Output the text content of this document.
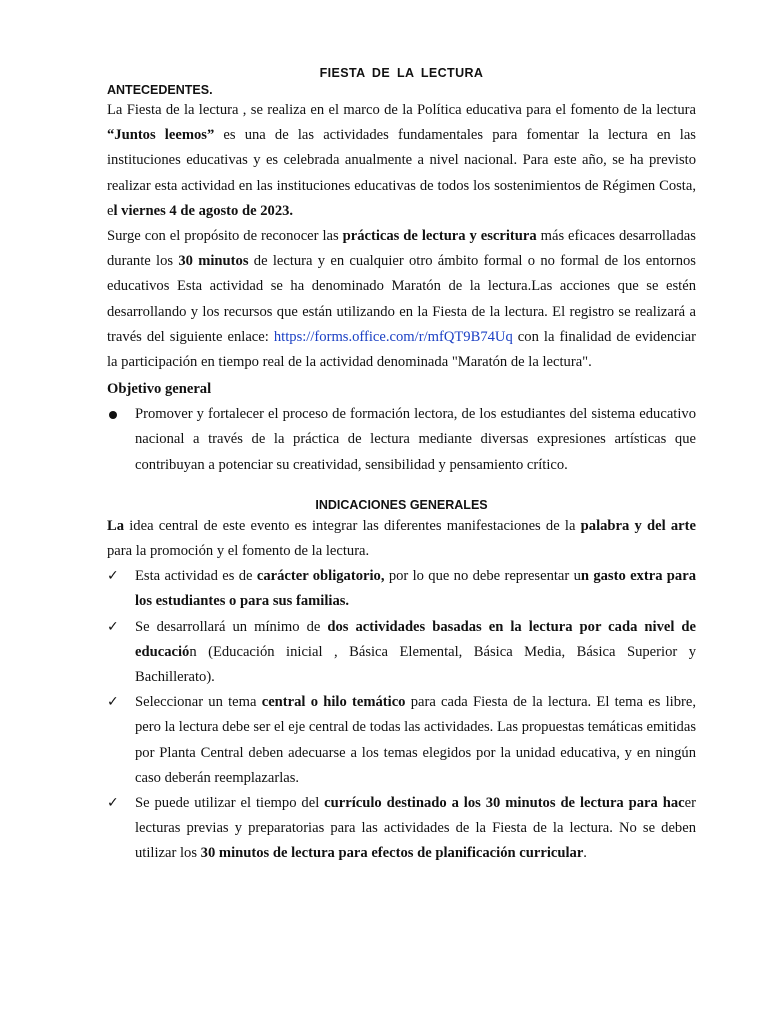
FIESTA DE LA LECTURA
ANTECEDENTES.

La Fiesta de la lectura , se realiza en el marco de la Política educativa para el fomento de la lectura “Juntos leemos” es una de las actividades fundamentales para fomentar la lectura en las instituciones educativas y es celebrada anualmente a nivel nacional. Para este año, se ha previsto realizar esta actividad en las instituciones educativas de todos los sostenimientos de Régimen Costa, el viernes 4 de agosto de 2023.

Surge con el propósito de reconocer las prácticas de lectura y escritura más eficaces desarrolladas durante los 30 minutos de lectura y en cualquier otro ámbito formal o no formal de los entornos educativos Esta actividad se ha denominado Maratón de la lectura.Las acciones que se estén desarrollando y los recursos que están utilizando en la Fiesta de la lectura. El registro se realizará a través del siguiente enlace: https://forms.office.com/r/mfQT9B74Uq con la finalidad de evidenciar la participación en tiempo real de la actividad denominada "Maratón de la lectura".

Objetivo general

Promover y fortalecer el proceso de formación lectora, de los estudiantes del sistema educativo nacional a través de la práctica de lectura mediante diversas expresiones artísticas que contribuyan a potenciar su creatividad, sensibilidad y pensamiento crítico.
INDICACIONES GENERALES

La idea central de este evento es integrar las diferentes manifestaciones de la palabra y del arte para la promoción y el fomento de la lectura.

✓ Esta actividad es de carácter obligatorio, por lo que no debe representar un gasto extra para los estudiantes o para sus familias.
✓ Se desarrollará un mínimo de dos actividades basadas en la lectura por cada nivel de educación (Educación inicial , Básica Elemental, Básica Media, Básica Superior y Bachillerato).
✓ Seleccionar un tema central o hilo temático para cada Fiesta de la lectura. El tema es libre, pero la lectura debe ser el eje central de todas las actividades. Las propuestas temáticas emitidas por Planta Central deben adecuarse a los temas elegidos por la unidad educativa, y en ningún caso deberán reemplazarlas.
✓ Se puede utilizar el tiempo del currículo destinado a los 30 minutos de lectura para hacer lecturas previas y preparatorias para las actividades de la Fiesta de la lectura. No se deben utilizar los 30 minutos de lectura para efectos de planificación curricular.
